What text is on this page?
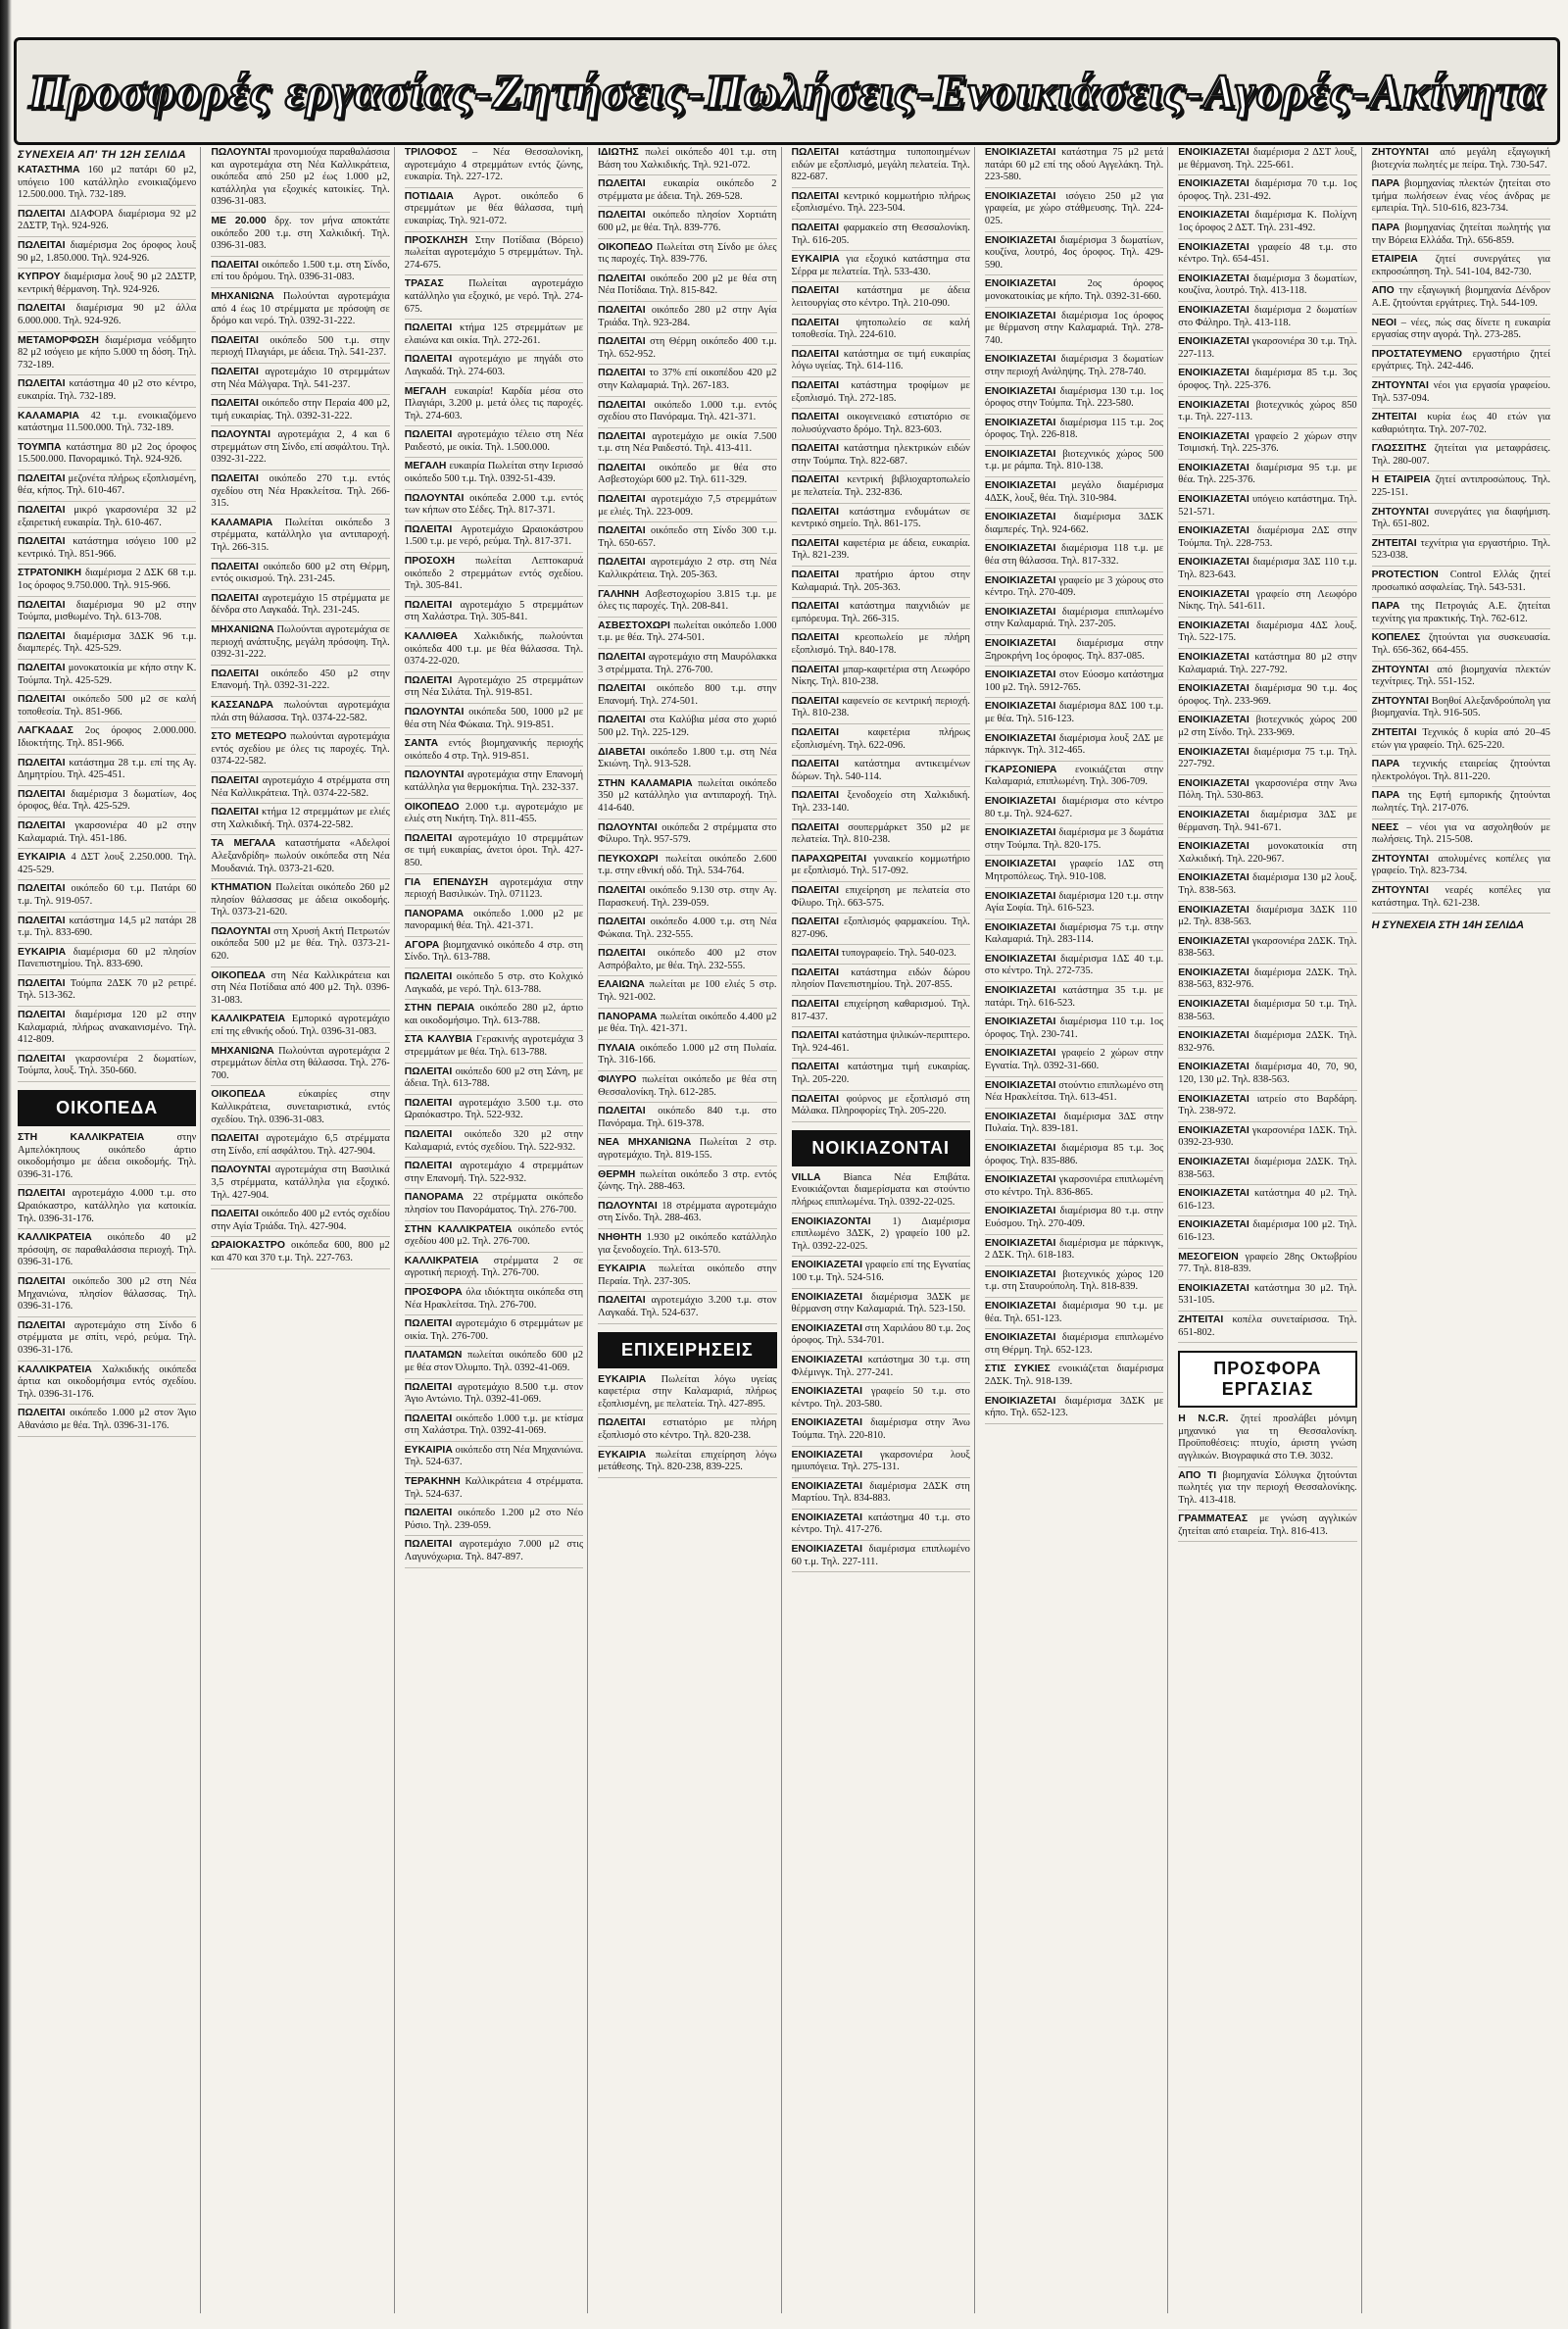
Προσφορές εργασίας-Ζητήσεις-Πωλήσεις-Ενοικιάσεις-Αγορές-Ακίνητα
ΣΥΝΕΧΕΙΑ ΑΠ' ΤΗ 12Η ΣΕΛΙΔΑ

ΚΑΤΑΣΤΗΜΑ 160 μ2 πατάρι 60 μ2, υπόγειο 100 κατάλληλο ενοικιαζόμενο 12.500.000. Τηλ. 732-189.

ΠΩΛΕΙΤΑΙ ΔΙΑΦΟΡΑ διαμέρισμα 92 μ2 2ΔΣΤΡ, Τηλ. 924-926.

ΠΩΛΕΙΤΑΙ διαμέρισμα 2ος όροφος λουξ 90 μ2, 1.850.000. Τηλ. 924-926.

ΚΥΠΡΟΥ διαμέρισμα λουξ 90 μ2 2ΔΣΤΡ, κεντρική θέρμανση. Τηλ. 924-926.

ΠΩΛΕΙΤΑΙ διαμέρισμα 90 μ2 άλλα 6.000.000. Τηλ. 924-926.

ΜΕΤΑΜΟΡΦΩΣΗ διαμέρισμα νεόδμητο 82 μ2 ισόγειο με κήπο 5.000 τη δόση. Τηλ. 732-189.

ΠΩΛΕΙΤΑΙ κατάστημα 40 μ2 στο κέντρο, ευκαιρία. Τηλ. 732-189.

ΚΑΛΑΜΑΡΙΑ 42 τ.μ. ενοικιαζόμενο κατάστημα 11.500.000. Τηλ. 732-189.

ΤΟΥΜΠΑ κατάστημα 80 μ2 2ος όροφος 15.500.000. Πανοραμικό. Τηλ. 924-926.

ΠΩΛΕΙΤΑΙ μεζονέτα πλήρως εξοπλισμένη, θέα, κήπος. Τηλ. 610-467.

ΠΩΛΕΙΤΑΙ μικρό γκαρσονιέρα 32 μ2 εξαιρετική ευκαιρία. Τηλ. 610-467.

ΠΩΛΕΙΤΑΙ κατάστημα ισόγειο 100 μ2 κεντρικό. Τηλ. 851-966.

ΣΤΡΑΤΟΝΙΚΗ διαμέρισμα 2 ΔΣΚ 68 τ.μ. 1ος όροφος 9.750.000. Τηλ. 915-966.

ΠΩΛΕΙΤΑΙ διαμέρισμα 90 μ2 στην Τούμπα, μισθωμένο. Τηλ. 613-708.

ΠΩΛΕΙΤΑΙ διαμέρισμα 3ΔΣΚ 96 τ.μ. διαμπερές. Τηλ. 425-529.

ΠΩΛΕΙΤΑΙ μονοκατοικία με κήπο στην Κ. Τούμπα. Τηλ. 425-529.

ΠΩΛΕΙΤΑΙ οικόπεδο 500 μ2 σε καλή τοποθεσία. Τηλ. 851-966.

ΛΑΓΚΑΔΑΣ 2ος όροφος 2.000.000. Ιδιοκτήτης. Τηλ. 851-966.

ΠΩΛΕΙΤΑΙ κατάστημα 28 τ.μ. επί της Αγ. Δημητρίου. Τηλ. 425-451.

ΠΩΛΕΙΤΑΙ διαμέρισμα 3 δωματίων, 4ος όροφος, θέα. Τηλ. 425-529.

ΠΩΛΕΙΤΑΙ γκαρσονιέρα 40 μ2 στην Καλαμαριά. Τηλ. 451-186.

ΕΥΚΑΙΡΙΑ 4 ΔΣΤ λουξ 2.250.000. Τηλ. 425-529.

ΠΩΛΕΙΤΑΙ οικόπεδο 60 τ.μ. Πατάρι 60 τ.μ. Τηλ. 919-057.

ΠΩΛΕΙΤΑΙ κατάστημα 14,5 μ2 πατάρι 28 τ.μ. Τηλ. 833-690.

ΕΥΚΑΙΡΙΑ διαμέρισμα 60 μ2 πλησίον Πανεπιστημίου. Τηλ. 833-690.

ΠΩΛΕΙΤΑΙ Τούμπα 2ΔΣΚ 70 μ2 ρετιρέ. Τηλ. 513-362.

ΠΩΛΕΙΤΑΙ διαμέρισμα 120 μ2 στην Καλαμαριά, πλήρως ανακαινισμένο. Τηλ. 412-809.

ΠΩΛΕΙΤΑΙ γκαρσονιέρα 2 δωματίων, Τούμπα, λουξ. Τηλ. 350-660.

ΟΙΚΟΠΕΔΑ

ΣΤΗ ΚΑΛΛΙΚΡΑΤΕΙΑ	στην Αμπελόκηπους οικόπεδο άρτιο οικοδομήσιμο με άδεια οικοδομής. Τηλ. 0396-31-176.

ΠΩΛΕΙΤΑΙ αγροτεμάχιο 4.000 τ.μ. στο Ωραιόκαστρο, κατάλληλο για κατοικία. Τηλ. 0396-31-176.

ΚΑΛΛΙΚΡΑΤΕΙΑ οικόπεδο 40 μ2 πρόσοψη, σε παραθαλάσσια περιοχή. Τηλ. 0396-31-176.

ΠΩΛΕΙΤΑΙ οικόπεδο 300 μ2 στη Νέα Μηχανιώνα, πλησίον θάλασσας. Τηλ. 0396-31-176.

ΠΩΛΕΙΤΑΙ αγροτεμάχιο στη Σίνδο 6 στρέμματα με σπίτι, νερό, ρεύμα. Τηλ. 0396-31-176.

ΚΑΛΛΙΚΡΑΤΕΙΑ Χαλκιδικής οικόπεδα άρτια και οικοδομήσιμα εντός σχεδίου. Τηλ. 0396-31-176.

ΠΩΛΕΙΤΑΙ οικόπεδο 1.000 μ2 στον Άγιο Αθανάσιο με θέα. Τηλ. 0396-31-176.

ΠΩΛΟΥΝΤΑΙ προνομιούχα παραθαλάσσια και αγροτεμάχια στη Νέα Καλλικράτεια, οικόπεδα από 250 μ2 έως 1.000 μ2, κατάλληλα για εξοχικές κατοικίες. Τηλ. 0396-31-083.

ΜΕ 20.000 δρχ. τον μήνα αποκτάτε οικόπεδο 200 τ.μ. στη Χαλκιδική. Τηλ. 0396-31-083.

ΠΩΛΕΙΤΑΙ οικόπεδο 1.500 τ.μ. στη Σίνδο, επί του δρόμου. Τηλ. 0396-31-083.

ΜΗΧΑΝΙΩΝΑ Πωλούνται αγροτεμάχια από 4 έως 10 στρέμματα με πρόσοψη σε δρόμο και νερό. Τηλ. 0392-31-222.

ΠΩΛΕΙΤΑΙ οικόπεδο 500 τ.μ. στην περιοχή Πλαγιάρι, με άδεια. Τηλ. 541-237.

ΠΩΛΕΙΤΑΙ αγροτεμάχιο 10 στρεμμάτων στη Νέα Μάλγαρα. Τηλ. 541-237.

ΠΩΛΕΙΤΑΙ οικόπεδο στην Περαία 400 μ2, τιμή ευκαιρίας. Τηλ. 0392-31-222.

ΠΩΛΟΥΝΤΑΙ αγροτεμάχια 2, 4 και 6 στρεμμάτων στη Σίνδο, επί ασφάλτου. Τηλ. 0392-31-222.

ΠΩΛΕΙΤΑΙ οικόπεδο 270 τ.μ. εντός σχεδίου στη Νέα Ηρακλείτσα. Τηλ. 266-315.

ΚΑΛΑΜΑΡΙΑ Πωλείται οικόπεδο 3 στρέμματα, κατάλληλο για αντιπαροχή. Τηλ. 266-315.

ΠΩΛΕΙΤΑΙ οικόπεδο 600 μ2 στη Θέρμη, εντός οικισμού. Τηλ. 231-245.

ΠΩΛΕΙΤΑΙ αγροτεμάχιο 15 στρέμματα με δένδρα στο Λαγκαδά. Τηλ. 231-245.

ΜΗΧΑΝΙΩΝΑ Πωλούνται αγροτεμάχια σε περιοχή ανάπτυξης, μεγάλη πρόσοψη. Τηλ. 0392-31-222.

ΠΩΛΕΙΤΑΙ οικόπεδο 450 μ2 στην Επανομή. Τηλ. 0392-31-222.

ΚΑΣΣΑΝΔΡΑ πωλούνται αγροτεμάχια πλάι στη θάλασσα. Τηλ. 0374-22-582.

ΣΤΟ ΜΕΤΕΩΡΟ πωλούνται αγροτεμάχια εντός σχεδίου με όλες τις παροχές. Τηλ. 0374-22-582.

ΠΩΛΕΙΤΑΙ αγροτεμάχιο 4 στρέμματα στη Νέα Καλλικράτεια. Τηλ. 0374-22-582.

ΠΩΛΕΙΤΑΙ κτήμα 12 στρεμμάτων με ελιές στη Χαλκιδική. Τηλ. 0374-22-582.

ΤΑ ΜΕΓΑΛΑ καταστήματα «Αδελφοί Αλεξανδρίδη» πωλούν οικόπεδα στη Νέα Μουδανιά. Τηλ. 0373-21-620.

ΚΤΗΜΑΤΙΟΝ Πωλείται οικόπεδο 260 μ2 πλησίον θάλασσας με άδεια οικοδομής. Τηλ. 0373-21-620.

ΠΩΛΟΥΝΤΑΙ στη Χρυσή Ακτή Πετρωτών οικόπεδα 500 μ2 με θέα. Τηλ. 0373-21-620.

ΟΙΚΟΠΕΔΑ στη Νέα Καλλικράτεια και στη Νέα Ποτίδαια από 400 μ2. Τηλ. 0396-31-083.

ΚΑΛΛΙΚΡΑΤΕΙΑ Εμπορικό αγροτεμάχιο επί της εθνικής οδού. Τηλ. 0396-31-083.

ΜΗΧΑΝΙΩΝΑ Πωλούνται αγροτεμάχια 2 στρεμμάτων δίπλα στη θάλασσα. Τηλ. 276-700.

ΟΙΚΟΠΕΔΑ	εύκαιρίες στην Καλλικράτεια, συνεταιριστικά, εντός σχεδίου. Τηλ. 0396-31-083.

ΠΩΛΕΙΤΑΙ αγροτεμάχιο 6,5 στρέμματα στη Σίνδο, επί ασφάλτου. Τηλ. 427-904.

ΠΩΛΟΥΝΤΑΙ αγροτεμάχια στη Βασιλικά 3,5 στρέμματα, κατάλληλα για εξοχικό. Τηλ. 427-904.

ΠΩΛΕΙΤΑΙ οικόπεδο 400 μ2 εντός σχεδίου στην Αγία Τριάδα. Τηλ. 427-904.

ΩΡΑΙΟΚΑΣΤΡΟ οικόπεδα 600, 800 μ2 και 470 και 370 τ.μ. Τηλ. 227-763.

ΤΡΙΛΟΦΟΣ – Νέα Θεσσαλονίκη, αγροτεμάχιο 4 στρεμμάτων εντός ζώνης, ευκαιρία. Τηλ. 227-172.

ΠΟΤΙΔΑΙΑ Αγροτ. οικόπεδο 6 στρεμμάτων με θέα θάλασσα, τιμή ευκαιρίας. Τηλ. 921-072.

ΠΡΟΣΚΛΗΣΗ Στην Ποτίδαια (Βόρειο) πωλείται αγροτεμάχιο 5 στρεμμάτων. Τηλ. 274-675.

ΤΡΑΣΑΣ Πωλείται αγροτεμάχιο κατάλληλο για εξοχικό, με νερό. Τηλ. 274-675.

ΠΩΛΕΙΤΑΙ κτήμα 125 στρεμμάτων με ελαιώνα και οικία. Τηλ. 272-261.

ΠΩΛΕΙΤΑΙ αγροτεμάχιο με πηγάδι στο Λαγκαδά. Τηλ. 274-603.

ΜΕΓΑΛΗ ευκαιρία! Καρδία μέσα στο Πλαγιάρι, 3.200 μ. μετά όλες τις παροχές. Τηλ. 274-603.

ΠΩΛΕΙΤΑΙ αγροτεμάχιο τέλειο στη Νέα Ραιδεστό, με οικία. Τηλ. 1.500.000.

ΜΕΓΑΛΗ ευκαιρία Πωλείται στην Ιερισσό οικόπεδο 500 τ.μ. Τηλ. 0392-51-439.

ΠΩΛΟΥΝΤΑΙ οικόπεδα 2.000 τ.μ. εντός των κήπων στο Σέδες. Τηλ. 817-371.

ΠΩΛΕΙΤΑΙ Αγροτεμάχιο Ωραιοκάστρου 1.500 τ.μ. με νερό, ρεύμα. Τηλ. 817-371.

ΠΡΟΣΟΧΗ πωλείται Λεπτοκαρυά οικόπεδο 2 στρεμμάτων εντός σχεδίου. Τηλ. 305-841.

ΠΩΛΕΙΤΑΙ αγροτεμάχιο 5 στρεμμάτων στη Χαλάστρα. Τηλ. 305-841.

ΚΑΛΛΙΘΕΑ Χαλκιδικής, πωλούνται οικόπεδα 400 τ.μ. με θέα θάλασσα. Τηλ. 0374-22-020.

ΠΩΛΕΙΤΑΙ Αγροτεμάχιο 25 στρεμμάτων στη Νέα Σιλάτα. Τηλ. 919-851.

ΠΩΛΟΥΝΤΑΙ οικόπεδα 500, 1000 μ2 με θέα στη Νέα Φώκαια. Τηλ. 919-851.

ΣΑΝΤΑ εντός βιομηχανικής περιοχής οικόπεδο 4 στρ. Τηλ. 919-851.

ΠΩΛΟΥΝΤΑΙ αγροτεμάχια στην Επανομή κατάλληλα για θερμοκήπια. Τηλ. 232-337.

ΟΙΚΟΠΕΔΟ 2.000 τ.μ. αγροτεμάχιο με ελιές στη Νικήτη. Τηλ. 811-455.

ΠΩΛΕΙΤΑΙ αγροτεμάχιο 10 στρεμμάτων σε τιμή ευκαιρίας, άνετοι όροι. Τηλ. 427-850.

ΓΙΑ ΕΠΕΝΔΥΣΗ αγροτεμάχια στην περιοχή Βασιλικών. Τηλ. 071123.

ΠΑΝΟΡΑΜΑ οικόπεδο 1.000 μ2 με πανοραμική θέα. Τηλ. 421-371.

ΑΓΟΡΑ βιομηχανικό οικόπεδο 4 στρ. στη Σίνδο. Τηλ. 613-788.

ΠΩΛΕΙΤΑΙ οικόπεδο 5 στρ. στο Κολχικό Λαγκαδά, με νερό. Τηλ. 613-788.

ΣΤΗΝ ΠΕΡΑΙΑ οικόπεδο 280 μ2, άρτιο και οικοδομήσιμο. Τηλ. 613-788.

ΣΤΑ ΚΑΛΥΒΙΑ Γερακινής αγροτεμάχια 3 στρεμμάτων με θέα. Τηλ. 613-788.

ΠΩΛΕΙΤΑΙ οικόπεδο 600 μ2 στη Σάνη, με άδεια. Τηλ. 613-788.

ΠΩΛΕΙΤΑΙ αγροτεμάχιο 3.500 τ.μ. στο Ωραιόκαστρο. Τηλ. 522-932.

ΠΩΛΕΙΤΑΙ οικόπεδο 320 μ2 στην Καλαμαριά, εντός σχεδίου. Τηλ. 522-932.

ΠΩΛΕΙΤΑΙ αγροτεμάχιο 4 στρεμμάτων στην Επανομή. Τηλ. 522-932.

ΠΑΝΟΡΑΜΑ 22 στρέμματα οικόπεδο πλησίον του Πανοράματος. Τηλ. 276-700.

ΣΤΗΝ ΚΑΛΛΙΚΡΑΤΕΙΑ οικόπεδο εντός σχεδίου 400 μ2. Τηλ. 276-700.

ΚΑΛΛΙΚΡΑΤΕΙΑ στρέμματα 2 σε αγροτική περιοχή. Τηλ. 276-700.

ΠΡΟΣΦΟΡΑ όλα ιδιόκτητα οικόπεδα στη Νέα Ηρακλείτσα. Τηλ. 276-700.

ΠΩΛΕΙΤΑΙ αγροτεμάχιο 6 στρεμμάτων με οικία. Τηλ. 276-700.

ΠΛΑΤΑΜΩΝ πωλείται οικόπεδο 600 μ2 με θέα στον Όλυμπο. Τηλ. 0392-41-069.

ΠΩΛΕΙΤΑΙ αγροτεμάχιο 8.500 τ.μ. στον Άγιο Αντώνιο. Τηλ. 0392-41-069.

ΠΩΛΕΙΤΑΙ οικόπεδο 1.000 τ.μ. με κτίσμα στη Χαλάστρα. Τηλ. 0392-41-069.

ΕΥΚΑΙΡΙΑ οικόπεδο στη Νέα Μηχανιώνα. Τηλ. 524-637.

ΤΕΡΑΚΗΝΗ Καλλικράτεια 4 στρέμματα. Τηλ. 524-637.

ΠΩΛΕΙΤΑΙ οικόπεδο 1.200 μ2 στο Νέο Ρύσιο. Τηλ. 239-059.

ΠΩΛΕΙΤΑΙ αγροτεμάχιο 7.000 μ2 στις Λαγυνόχωρια. Τηλ. 847-897.

ΙΔΙΩΤΗΣ πωλεί οικόπεδο 401 τ.μ. στη Βάση του Χαλκιδικής. Τηλ. 921-072.

ΠΩΛΕΙΤΑΙ ευκαιρία οικόπεδο 2 στρέμματα με άδεια. Τηλ. 269-528.

ΠΩΛΕΙΤΑΙ οικόπεδο πλησίον Χορτιάτη 600 μ2, με θέα. Τηλ. 839-776.

ΟΙΚΟΠΕΔΟ Πωλείται στη Σίνδο με όλες τις παροχές. Τηλ. 839-776.

ΠΩΛΕΙΤΑΙ οικόπεδο 200 μ2 με θέα στη Νέα Ποτίδαια. Τηλ. 815-842.

ΠΩΛΕΙΤΑΙ οικόπεδο 280 μ2 στην Αγία Τριάδα. Τηλ. 923-284.

ΠΩΛΕΙΤΑΙ στη Θέρμη οικόπεδο 400 τ.μ. Τηλ. 652-952.

ΠΩΛΕΙΤΑΙ το 37% επί οικοπέδου 420 μ2 στην Καλαμαριά. Τηλ. 267-183.

ΠΩΛΕΙΤΑΙ οικόπεδο 1.000 τ.μ. εντός σχεδίου στο Πανόραμα. Τηλ. 421-371.

ΠΩΛΕΙΤΑΙ αγροτεμάχιο με οικία 7.500 τ.μ. στη Νέα Ραιδεστό. Τηλ. 413-411.

ΠΩΛΕΙΤΑΙ οικόπεδο με θέα στο Ασβεστοχώρι 600 μ2. Τηλ. 611-329.

ΠΩΛΕΙΤΑΙ αγροτεμάχιο 7,5 στρεμμάτων με ελιές. Τηλ. 223-009.

ΠΩΛΕΙΤΑΙ οικόπεδο στη Σίνδο 300 τ.μ. Τηλ. 650-657.

ΠΩΛΕΙΤΑΙ αγροτεμάχιο 2 στρ. στη Νέα Καλλικράτεια. Τηλ. 205-363.

ΓΑΛΗΝΗ Ασβεστοχωρίου 3.815 τ.μ. με όλες τις παροχές. Τηλ. 208-841.

ΑΣΒΕΣΤΟΧΩΡΙ πωλείται οικόπεδο 1.000 τ.μ. με θέα. Τηλ. 274-501.

ΠΩΛΕΙΤΑΙ αγροτεμάχιο στη Μαυρόλακκα 3 στρέμματα. Τηλ. 276-700.

ΠΩΛΕΙΤΑΙ οικόπεδο 800 τ.μ. στην Επανομή. Τηλ. 274-501.

ΠΩΛΕΙΤΑΙ στα Καλύβια μέσα στο χωριό 500 μ2. Τηλ. 225-129.

ΔΙΑΒΕΤΑΙ οικόπεδο 1.800 τ.μ. στη Νέα Σκιώνη. Τηλ. 913-528.

ΣΤΗΝ ΚΑΛΑΜΑΡΙΑ πωλείται οικόπεδο 350 μ2 κατάλληλο για αντιπαροχή. Τηλ. 414-640.

ΠΩΛΟΥΝΤΑΙ οικόπεδα 2 στρέμματα στο Φίλυρο. Τηλ. 957-579.

ΠΕΥΚΟΧΩΡΙ πωλείται οικόπεδο 2.600 τ.μ. στην εθνική οδό. Τηλ. 534-764.

ΠΩΛΕΙΤΑΙ οικόπεδο 9.130 στρ. στην Αγ. Παρασκευή. Τηλ. 239-059.

ΠΩΛΕΙΤΑΙ οικόπεδο 4.000 τ.μ. στη Νέα Φώκαια. Τηλ. 232-555.

ΠΩΛΕΙΤΑΙ οικόπεδο 400 μ2 στον Ασπρόβαλτο, με θέα. Τηλ. 232-555.

ΕΛΑΙΩΝΑ πωλείται με 100 ελιές 5 στρ. Τηλ. 921-002.

ΠΑΝΟΡΑΜΑ πωλείται οικόπεδο 4.400 μ2 με θέα. Τηλ. 421-371.

ΠΥΛΑΙΑ οικόπεδο 1.000 μ2 στη Πυλαία. Τηλ. 316-166.

ΦΙΛΥΡΟ πωλείται οικόπεδο με θέα στη Θεσσαλονίκη. Τηλ. 612-285.

ΠΩΛΕΙΤΑΙ οικόπεδο 840 τ.μ. στο Πανόραμα. Τηλ. 619-378.

ΝΕΑ ΜΗΧΑΝΙΩΝΑ Πωλείται 2 στρ. αγροτεμάχιο. Τηλ. 819-155.

ΘΕΡΜΗ πωλείται οικόπεδο 3 στρ. εντός ζώνης. Τηλ. 288-463.

ΠΩΛΟΥΝΤΑΙ 18 στρέμματα αγροτεμάχιο στη Σίνδο. Τηλ. 288-463.

ΝΗΘΗΤΗ 1.930 μ2 οικόπεδο κατάλληλο για ξενοδοχείο. Τηλ. 613-570.

ΕΥΚΑΙΡΙΑ πωλείται οικόπεδο στην Περαία. Τηλ. 237-305.

ΠΩΛΕΙΤΑΙ αγροτεμάχιο 3.200 τ.μ. στον Λαγκαδά. Τηλ. 524-637.

ΕΠΙΧΕΙΡΗΣΕΙΣ

ΕΥΚΑΙΡΙΑ Πωλείται λόγω υγείας καφετέρια στην Καλαμαριά, πλήρως εξοπλισμένη, με πελατεία. Τηλ. 427-895.

ΠΩΛΕΙΤΑΙ εστιατόριο με πλήρη εξοπλισμό στο κέντρο. Τηλ. 820-238.

ΕΥΚΑΙΡΙΑ πωλείται επιχείρηση λόγω μετάθεσης. Τηλ. 820-238, 839-225.

ΠΩΛΕΙΤΑΙ κατάστημα τυποποιημένων ειδών με εξοπλισμό, μεγάλη πελατεία. Τηλ. 822-687.

ΠΩΛΕΙΤΑΙ κεντρικό κομμωτήριο πλήρως εξοπλισμένο. Τηλ. 223-504.

ΠΩΛΕΙΤΑΙ φαρμακείο στη Θεσσαλονίκη. Τηλ. 616-205.

ΕΥΚΑΙΡΙΑ για εξοχικό κατάστημα στα Σέρρα με πελατεία. Τηλ. 533-430.

ΠΩΛΕΙΤΑΙ κατάστημα με άδεια λειτουργίας στο κέντρο. Τηλ. 210-090.

ΠΩΛΕΙΤΑΙ ψητοπωλείο σε καλή τοποθεσία. Τηλ. 224-610.

ΠΩΛΕΙΤΑΙ κατάστημα σε τιμή ευκαιρίας λόγω υγείας. Τηλ. 614-116.

ΠΩΛΕΙΤΑΙ κατάστημα τροφίμων με εξοπλισμό. Τηλ. 272-185.

ΠΩΛΕΙΤΑΙ οικογενειακό εστιατόριο σε πολυσύχναστο δρόμο. Τηλ. 823-603.

ΠΩΛΕΙΤΑΙ κατάστημα ηλεκτρικών ειδών στην Τούμπα. Τηλ. 822-687.

ΠΩΛΕΙΤΑΙ κεντρική βιβλιοχαρτοπωλείο με πελατεία. Τηλ. 232-836.

ΠΩΛΕΙΤΑΙ κατάστημα ενδυμάτων σε κεντρικό σημείο. Τηλ. 861-175.

ΠΩΛΕΙΤΑΙ καφετέρια με άδεια, ευκαιρία. Τηλ. 821-239.

ΠΩΛΕΙΤΑΙ πρατήριο άρτου στην Καλαμαριά. Τηλ. 205-363.

ΠΩΛΕΙΤΑΙ κατάστημα παιχνιδιών με εμπόρευμα. Τηλ. 266-315.

ΠΩΛΕΙΤΑΙ κρεοπωλείο με πλήρη εξοπλισμό. Τηλ. 840-178.

ΠΩΛΕΙΤΑΙ μπαρ-καφετέρια στη Λεωφόρο Νίκης. Τηλ. 810-238.

ΠΩΛΕΙΤΑΙ καφενείο σε κεντρική περιοχή. Τηλ. 810-238.

ΠΩΛΕΙΤΑΙ	καφετέρια πλήρως εξοπλισμένη. Τηλ. 622-096.

ΠΩΛΕΙΤΑΙ κατάστημα αντικειμένων δώρων. Τηλ. 540-114.

ΠΩΛΕΙΤΑΙ ξενοδοχείο στη Χαλκιδική. Τηλ. 233-140.

ΠΩΛΕΙΤΑΙ σουπερμάρκετ 350 μ2 με πελατεία. Τηλ. 810-238.

ΠΑΡΑΧΩΡΕΙΤΑΙ γυναικείο κομμωτήριο με εξοπλισμό. Τηλ. 517-092.

ΠΩΛΕΙΤΑΙ επιχείρηση με πελατεία στο Φίλυρο. Τηλ. 663-575.

ΠΩΛΕΙΤΑΙ εξοπλισμός φαρμακείου. Τηλ. 827-096.

ΠΩΛΕΙΤΑΙ τυπογραφείο. Τηλ. 540-023.

ΠΩΛΕΙΤΑΙ κατάστημα ειδών δώρου πλησίον Πανεπιστημίου. Τηλ. 207-855.

ΠΩΛΕΙΤΑΙ επιχείρηση καθαρισμού. Τηλ. 817-437.

ΠΩΛΕΙΤΑΙ κατάστημα ψιλικών-περιπτερο. Τηλ. 924-461.

ΠΩΛΕΙΤΑΙ κατάστημα τιμή ευκαιρίας. Τηλ. 205-220.

ΠΩΛΕΙΤΑΙ φούρνος με εξοπλισμό στη Μάλακα. Πληροφορίες Τηλ. 205-220.

ΝΟΙΚΙΑΖΟΝΤΑΙ

VILLA Bianca Νέα Επιβάτα. Ενοικιάζονται διαμερίσματα και στούντιο πλήρως επιπλωμένα. Τηλ. 0392-22-025.

ΕΝΟΙΚΙΑΖΟΝΤΑΙ 1) Διαμέρισμα επιπλωμένο 3ΔΣΚ, 2) γραφείο 100 μ2. Τηλ. 0392-22-025.

ΕΝΟΙΚΙΑΖΕΤΑΙ γραφείο επί της Εγνατίας 100 τ.μ. Τηλ. 524-516.

ΕΝΟΙΚΙΑΖΕΤΑΙ διαμέρισμα 3ΔΣΚ με θέρμανση στην Καλαμαριά. Τηλ. 523-150.

ΕΝΟΙΚΙΑΖΕΤΑΙ στη Χαριλάου 80 τ.μ. 2ος όροφος. Τηλ. 534-701.

ΕΝΟΙΚΙΑΖΕΤΑΙ κατάστημα 30 τ.μ. στη Φλέμινγκ. Τηλ. 277-241.

ΕΝΟΙΚΙΑΖΕΤΑΙ γραφείο 50 τ.μ. στο κέντρο. Τηλ. 203-580.

ΕΝΟΙΚΙΑΖΕΤΑΙ διαμέρισμα στην Άνω Τούμπα. Τηλ. 220-810.

ΕΝΟΙΚΙΑΖΕΤΑΙ γκαρσονιέρα λουξ ημιυπόγεια. Τηλ. 275-131.

ΕΝΟΙΚΙΑΖΕΤΑΙ διαμέρισμα 2ΔΣΚ στη Μαρτίου. Τηλ. 834-883.

ΕΝΟΙΚΙΑΖΕΤΑΙ κατάστημα 40 τ.μ. στο κέντρο. Τηλ. 417-276.

ΕΝΟΙΚΙΑΖΕΤΑΙ διαμέρισμα επιπλωμένο 60 τ.μ. Τηλ. 227-111.

ΕΝΟΙΚΙΑΖΕΤΑΙ κατάστημα 75 μ2 μετά πατάρι 60 μ2 επί της οδού Αγγελάκη. Τηλ. 223-580.

ΕΝΟΙΚΙΑΖΕΤΑΙ ισόγειο 250 μ2 για γραφεία, με χώρο στάθμευσης. Τηλ. 224-025.

ΕΝΟΙΚΙΑΖΕΤΑΙ διαμέρισμα 3 δωματίων, κουζίνα, λουτρό, 4ος όροφος. Τηλ. 429-590.

ΕΝΟΙΚΙΑΖΕΤΑΙ	2ος όροφος μονοκατοικίας με κήπο. Τηλ. 0392-31-660.

ΕΝΟΙΚΙΑΖΕΤΑΙ διαμέρισμα 1ος όροφος με θέρμανση στην Καλαμαριά. Τηλ. 278-740.

ΕΝΟΙΚΙΑΖΕΤΑΙ διαμέρισμα 3 δωματίων στην περιοχή Ανάληψης. Τηλ. 278-740.

ΕΝΟΙΚΙΑΖΕΤΑΙ διαμέρισμα 130 τ.μ. 1ος όροφος στην Τούμπα. Τηλ. 223-580.

ΕΝΟΙΚΙΑΖΕΤΑΙ διαμέρισμα 115 τ.μ. 2ος όροφος. Τηλ. 226-818.

ΕΝΟΙΚΙΑΖΕΤΑΙ βιοτεχνικός χώρος 500 τ.μ. με ράμπα. Τηλ. 810-138.

ΕΝΟΙΚΙΑΖΕΤΑΙ μεγάλο διαμέρισμα 4ΔΣΚ, λουξ, θέα. Τηλ. 310-984.

ΕΝΟΙΚΙΑΖΕΤΑΙ διαμέρισμα 3ΔΣΚ διαμπερές. Τηλ. 924-662.

ΕΝΟΙΚΙΑΖΕΤΑΙ διαμέρισμα 118 τ.μ. με θέα στη θάλασσα. Τηλ. 817-332.

ΕΝΟΙΚΙΑΖΕΤΑΙ γραφείο με 3 χώρους στο κέντρο. Τηλ. 270-409.

ΕΝΟΙΚΙΑΖΕΤΑΙ διαμέρισμα επιπλωμένο στην Καλαμαριά. Τηλ. 237-205.

ΕΝΟΙΚΙΑΖΕΤΑΙ διαμέρισμα στην Ξηροκρήνη 1ος όροφος. Τηλ. 837-085.

ΕΝΟΙΚΙΑΖΕΤΑΙ στον Εύοσμο κατάστημα 100 μ2. Τηλ. 5912-765.

ΕΝΟΙΚΙΑΖΕΤΑΙ διαμέρισμα 8ΔΣ 100 τ.μ. με θέα. Τηλ. 516-123.

ΕΝΟΙΚΙΑΖΕΤΑΙ διαμέρισμα λουξ 2ΔΣ με πάρκινγκ. Τηλ. 312-465.

ΓΚΑΡΣΟΝΙΕΡΑ ενοικιάζεται στην Καλαμαριά, επιπλωμένη. Τηλ. 306-709.

ΕΝΟΙΚΙΑΖΕΤΑΙ διαμέρισμα στο κέντρο 80 τ.μ. Τηλ. 924-627.

ΕΝΟΙΚΙΑΖΕΤΑΙ διαμέρισμα με 3 δωμάτια στην Τούμπα. Τηλ. 820-175.

ΕΝΟΙΚΙΑΖΕΤΑΙ γραφείο 1ΔΣ στη Μητροπόλεως. Τηλ. 910-108.

ΕΝΟΙΚΙΑΖΕΤΑΙ διαμέρισμα 120 τ.μ. στην Αγία Σοφία. Τηλ. 616-523.

ΕΝΟΙΚΙΑΖΕΤΑΙ διαμέρισμα 75 τ.μ. στην Καλαμαριά. Τηλ. 283-114.

ΕΝΟΙΚΙΑΖΕΤΑΙ διαμέρισμα 1ΔΣ 40 τ.μ. στο κέντρο. Τηλ. 272-735.

ΕΝΟΙΚΙΑΖΕΤΑΙ κατάστημα 35 τ.μ. με πατάρι. Τηλ. 616-523.

ΕΝΟΙΚΙΑΖΕΤΑΙ διαμέρισμα 110 τ.μ. 1ος όροφος. Τηλ. 230-741.

ΕΝΟΙΚΙΑΖΕΤΑΙ γραφείο 2 χώρων στην Εγνατία. Τηλ. 0392-31-660.

ΕΝΟΙΚΙΑΖΕΤΑΙ στούντιο επιπλωμένο στη Νέα Ηρακλείτσα. Τηλ. 613-451.

ΕΝΟΙΚΙΑΖΕΤΑΙ διαμέρισμα 3ΔΣ στην Πυλαία. Τηλ. 839-181.

ΕΝΟΙΚΙΑΖΕΤΑΙ διαμέρισμα 85 τ.μ. 3ος όροφος. Τηλ. 835-886.

ΕΝΟΙΚΙΑΖΕΤΑΙ γκαρσονιέρα επιπλωμένη στο κέντρο. Τηλ. 836-865.

ΕΝΟΙΚΙΑΖΕΤΑΙ διαμέρισμα 80 τ.μ. στην Ευόσμου. Τηλ. 270-409.

ΕΝΟΙΚΙΑΖΕΤΑΙ διαμέρισμα με πάρκινγκ, 2 ΔΣΚ. Τηλ. 618-183.

ΕΝΟΙΚΙΑΖΕΤΑΙ βιοτεχνικός χώρος 120 τ.μ. στη Σταυρούπολη. Τηλ. 818-839.

ΕΝΟΙΚΙΑΖΕΤΑΙ διαμέρισμα 90 τ.μ. με θέα. Τηλ. 651-123.

ΕΝΟΙΚΙΑΖΕΤΑΙ διαμέρισμα επιπλωμένο στη Θέρμη. Τηλ. 652-123.

ΣΤΙΣ ΣΥΚΙΕΣ ενοικιάζεται διαμέρισμα 2ΔΣΚ. Τηλ. 918-139.

ΕΝΟΙΚΙΑΖΕΤΑΙ διαμέρισμα 3ΔΣΚ με κήπο. Τηλ. 652-123.

ΕΝΟΙΚΙΑΖΕΤΑΙ διαμέρισμα 2 ΔΣΤ λουξ, με θέρμανση. Τηλ. 225-661.

ΕΝΟΙΚΙΑΖΕΤΑΙ διαμέρισμα 70 τ.μ. 1ος όροφος. Τηλ. 231-492.

ΕΝΟΙΚΙΑΖΕΤΑΙ διαμέρισμα Κ. Πολίχνη 1ος όροφος 2 ΔΣΤ. Τηλ. 231-492.

ΕΝΟΙΚΙΑΖΕΤΑΙ γραφείο 48 τ.μ. στο κέντρο. Τηλ. 654-451.

ΕΝΟΙΚΙΑΖΕΤΑΙ διαμέρισμα 3 δωματίων, κουζίνα, λουτρό. Τηλ. 413-118.

ΕΝΟΙΚΙΑΖΕΤΑΙ διαμέρισμα 2 δωματίων στο Φάληρο. Τηλ. 413-118.

ΕΝΟΙΚΙΑΖΕΤΑΙ γκαρσονιέρα 30 τ.μ. Τηλ. 227-113.

ΕΝΟΙΚΙΑΖΕΤΑΙ διαμέρισμα 85 τ.μ. 3ος όροφος. Τηλ. 225-376.

ΕΝΟΙΚΙΑΖΕΤΑΙ βιοτεχνικός χώρος 850 τ.μ. Τηλ. 227-113.

ΕΝΟΙΚΙΑΖΕΤΑΙ γραφείο 2 χώρων στην Τσιμισκή. Τηλ. 225-376.

ΕΝΟΙΚΙΑΖΕΤΑΙ διαμέρισμα 95 τ.μ. με θέα. Τηλ. 225-376.

ΕΝΟΙΚΙΑΖΕΤΑΙ υπόγειο κατάστημα. Τηλ. 521-571.

ΕΝΟΙΚΙΑΖΕΤΑΙ διαμέρισμα 2ΔΣ στην Τούμπα. Τηλ. 228-753.

ΕΝΟΙΚΙΑΖΕΤΑΙ διαμέρισμα 3ΔΣ 110 τ.μ. Τηλ. 823-643.

ΕΝΟΙΚΙΑΖΕΤΑΙ γραφείο στη Λεωφόρο Νίκης. Τηλ. 541-611.

ΕΝΟΙΚΙΑΖΕΤΑΙ διαμέρισμα 4ΔΣ λουξ. Τηλ. 522-175.

ΕΝΟΙΚΙΑΖΕΤΑΙ κατάστημα 80 μ2 στην Καλαμαριά. Τηλ. 227-792.

ΕΝΟΙΚΙΑΖΕΤΑΙ διαμέρισμα 90 τ.μ. 4ος όροφος. Τηλ. 233-969.

ΕΝΟΙΚΙΑΖΕΤΑΙ βιοτεχνικός χώρος 200 μ2 στη Σίνδο. Τηλ. 233-969.

ΕΝΟΙΚΙΑΖΕΤΑΙ διαμέρισμα 75 τ.μ. Τηλ. 227-792.

ΕΝΟΙΚΙΑΖΕΤΑΙ γκαρσονιέρα στην Άνω Πόλη. Τηλ. 530-863.

ΕΝΟΙΚΙΑΖΕΤΑΙ διαμέρισμα 3ΔΣ με θέρμανση. Τηλ. 941-671.

ΕΝΟΙΚΙΑΖΕΤΑΙ μονοκατοικία στη Χαλκιδική. Τηλ. 220-967.

ΕΝΟΙΚΙΑΖΕΤΑΙ διαμέρισμα 130 μ2 λουξ. Τηλ. 838-563.

ΕΝΟΙΚΙΑΖΕΤΑΙ διαμέρισμα 3ΔΣΚ 110 μ2. Τηλ. 838-563.

ΕΝΟΙΚΙΑΖΕΤΑΙ γκαρσονιέρα 2ΔΣΚ. Τηλ. 838-563.

ΕΝΟΙΚΙΑΖΕΤΑΙ διαμέρισμα 2ΔΣΚ. Τηλ. 838-563, 832-976.

ΕΝΟΙΚΙΑΖΕΤΑΙ διαμέρισμα 50 τ.μ. Τηλ. 838-563.

ΕΝΟΙΚΙΑΖΕΤΑΙ διαμέρισμα 2ΔΣΚ. Τηλ. 832-976.

ΕΝΟΙΚΙΑΖΕΤΑΙ διαμέρισμα 40, 70, 90, 120, 130 μ2. Τηλ. 838-563.

ΕΝΟΙΚΙΑΖΕΤΑΙ ιατρείο στο Βαρδάρη. Τηλ. 238-972.

ΕΝΟΙΚΙΑΖΕΤΑΙ γκαρσονιέρα 1ΔΣΚ. Τηλ. 0392-23-930.

ΕΝΟΙΚΙΑΖΕΤΑΙ διαμέρισμα 2ΔΣΚ. Τηλ. 838-563.

ΕΝΟΙΚΙΑΖΕΤΑΙ κατάστημα 40 μ2. Τηλ. 616-123.

ΕΝΟΙΚΙΑΖΕΤΑΙ διαμέρισμα 100 μ2. Τηλ. 616-123.

ΜΕΣΟΓΕΙΟΝ γραφείο 28ης Οκτωβρίου 77. Τηλ. 818-839.

ΕΝΟΙΚΙΑΖΕΤΑΙ κατάστημα 30 μ2. Τηλ. 531-105.

ΖΗΤΕΙΤΑΙ κοπέλα συνεταίρισσα. Τηλ. 651-802.

ΠΡΟΣΦΟΡΑ ΕΡΓΑΣΙΑΣ

Η N.C.R. ζητεί προσλάβει μόνιμη μηχανικό για τη Θεσσαλονίκη. Προϋποθέσεις: πτυχίο, άριστη γνώση αγγλικών. Βιογραφικά στο Τ.Θ. 3032.

ΑΠΟ ΤΙ βιομηχανία Σόλυγκα ζητούνται πωλητές για την περιοχή Θεσσαλονίκης. Τηλ. 413-418.

ΓΡΑΜΜΑΤΕΑΣ με γνώση αγγλικών ζητείται από εταιρεία. Τηλ. 816-413.

ΖΗΤΟΥΝΤΑΙ από μεγάλη εξαγωγική βιοτεχνία πωλητές με πείρα. Τηλ. 730-547.

ΠΑΡΑ βιομηχανίας πλεκτών ζητείται στο τμήμα πωλήσεων ένας νέος άνδρας με εμπειρία. Τηλ. 510-616, 823-734.

ΠΑΡΑ βιομηχανίας ζητείται πωλητής για την Βόρεια Ελλάδα. Τηλ. 656-859.

ΕΤΑΙΡΕΙΑ ζητεί συνεργάτες για εκπροσώπηση. Τηλ. 541-104, 842-730.

ΑΠΟ την εξαγωγική βιομηχανία Δένδρον Α.Ε. ζητούνται εργάτριες. Τηλ. 544-109.

ΝΕΟΙ – νέες, πώς σας δίνετε η ευκαιρία εργασίας στην αγορά. Τηλ. 273-285.

ΠΡΟΣΤΑΤΕΥΜΕΝΟ εργαστήριο ζητεί εργάτριες. Τηλ. 242-446.

ΖΗΤΟΥΝΤΑΙ νέοι για εργασία γραφείου. Τηλ. 537-094.

ΖΗΤΕΙΤΑΙ κυρία έως 40 ετών για καθαριότητα. Τηλ. 207-702.

ΓΛΩΣΣΙΤΗΣ ζητείται για μεταφράσεις. Τηλ. 280-007.

Η ΕΤΑΙΡΕΙΑ ζητεί αντιπροσώπους. Τηλ. 225-151.

ΖΗΤΟΥΝΤΑΙ συνεργάτες για διαφήμιση. Τηλ. 651-802.

ΖΗΤΕΙΤΑΙ τεχνίτρια για εργαστήριο. Τηλ. 523-038.

PROTECTION Control Ελλάς ζητεί προσωπικό ασφαλείας. Τηλ. 543-531.

ΠΑΡΑ της Πετρογιάς Α.Ε. ζητείται τεχνίτης για πρακτικής. Τηλ. 762-612.

ΚΟΠΕΛΕΣ ζητούνται για συσκευασία. Τηλ. 656-362, 664-455.

ΖΗΤΟΥΝΤΑΙ από βιομηχανία πλεκτών τεχνίτριες. Τηλ. 551-152.

ΖΗΤΟΥΝΤΑΙ Βοηθοί Αλεξανδρούπολη για βιομηχανία. Τηλ. 916-505.

ΖΗΤΕΙΤΑΙ Τεχνικός δ κυρία από 20–45 ετών για γραφείο. Τηλ. 625-220.

ΠΑΡΑ τεχνικής εταιρείας ζητούνται ηλεκτρολόγοι. Τηλ. 811-220.

ΠΑΡΑ της Εφτή εμπορικής ζητούνται πωλητές. Τηλ. 217-076.

ΝΕΕΣ – νέοι για να ασχοληθούν με πωλήσεις. Τηλ. 215-508.

ΖΗΤΟΥΝΤΑΙ απολυμένες κοπέλες για γραφείο. Τηλ. 823-734.

ΖΗΤΟΥΝΤΑΙ νεαρές κοπέλες για κατάστημα. Τηλ. 621-238.

Η ΣΥΝΕΧΕΙΑ ΣΤΗ 14Η ΣΕΛΙΔΑ
